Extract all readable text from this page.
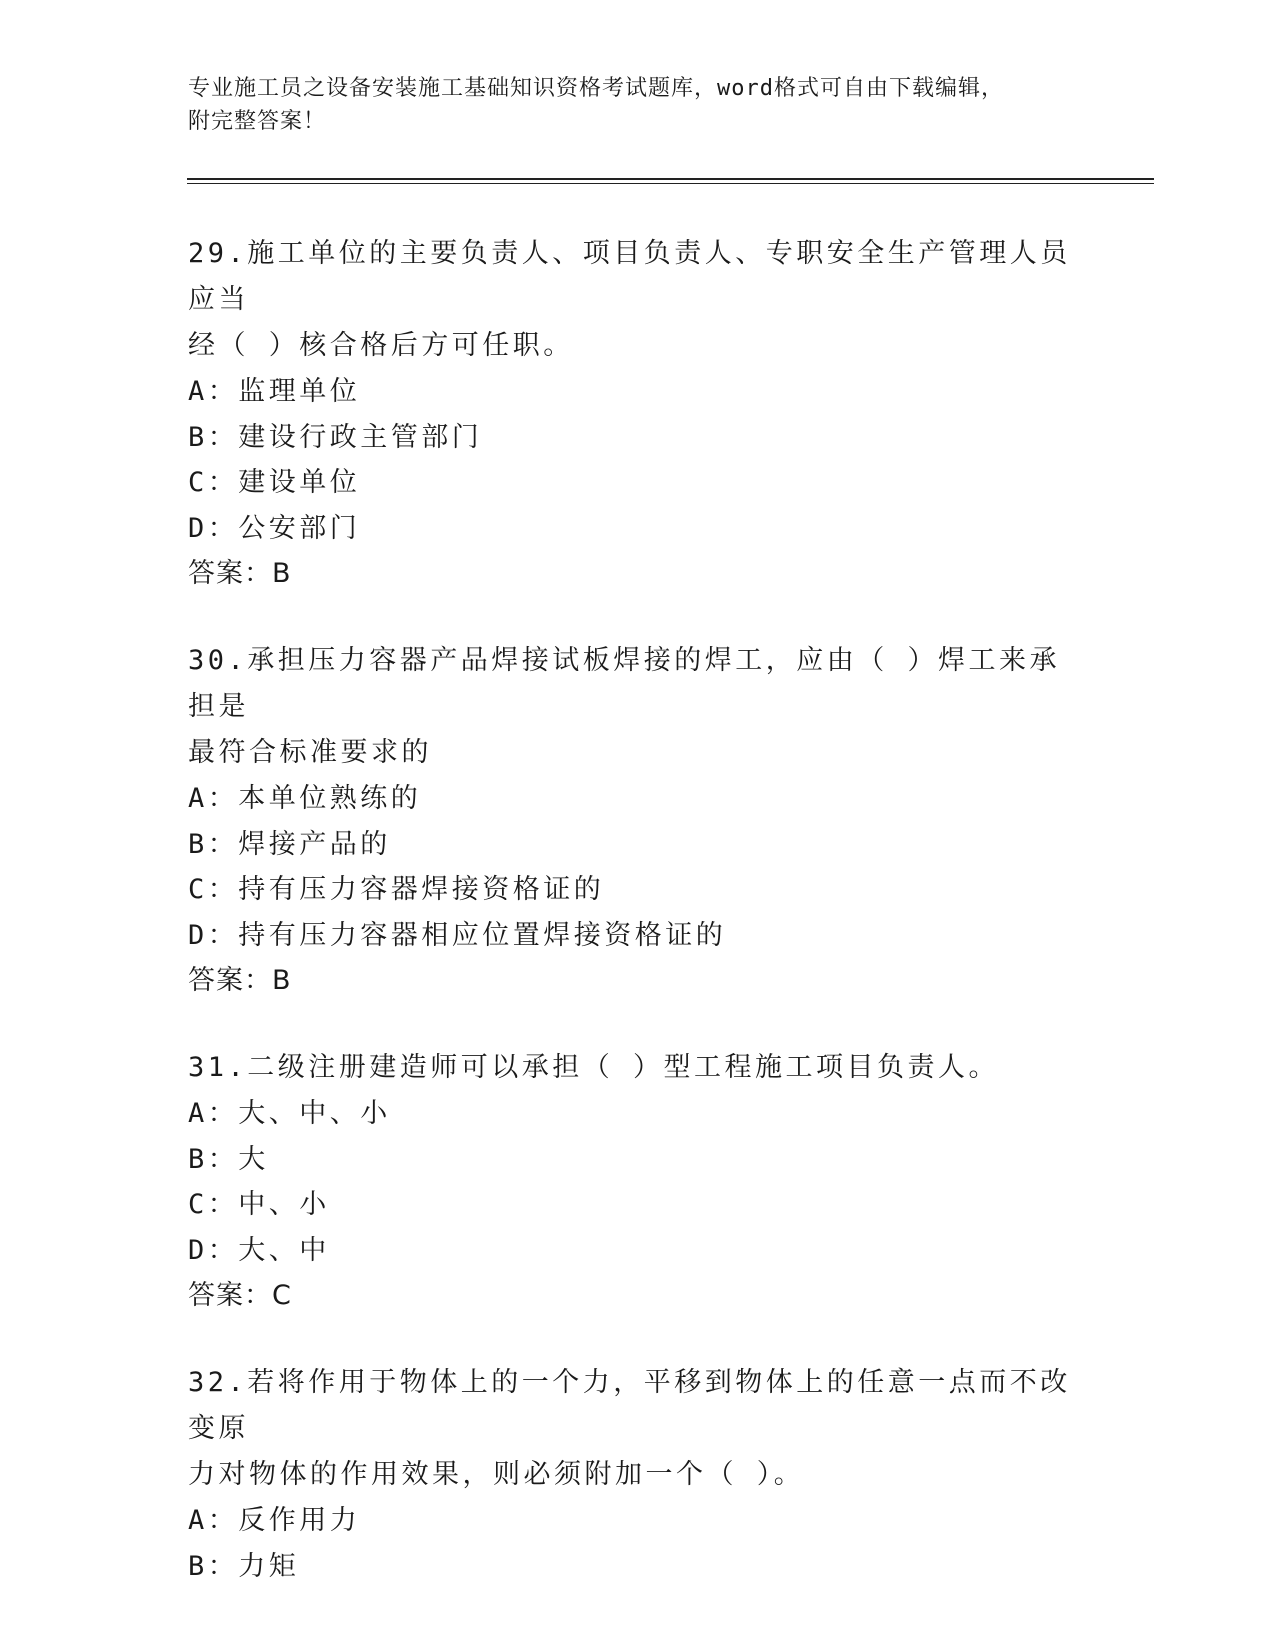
专业施工员之设备安装施工基础知识资格考试题库，word格式可自由下载编辑，
附完整答案！

29.施工单位的主要负责人、项目负责人、专职安全生产管理人员应当

经（ ）核合格后方可任职。

A：监理单位

B：建设行政主管部门

C：建设单位

D：公安部门

答案：B

30.承担压力容器产品焊接试板焊接的焊工，应由（ ）焊工来承担是

最符合标准要求的

A：本单位熟练的

B：焊接产品的

C：持有压力容器焊接资格证的

D：持有压力容器相应位置焊接资格证的

答案：B

31.二级注册建造师可以承担（ ）型工程施工项目负责人。

A：大、中、小

B：大

C：中、小

D：大、中

答案：C

32.若将作用于物体上的一个力，平移到物体上的任意一点而不改变原

力对物体的作用效果，则必须附加一个（ ）。

A：反作用力

B：力矩
